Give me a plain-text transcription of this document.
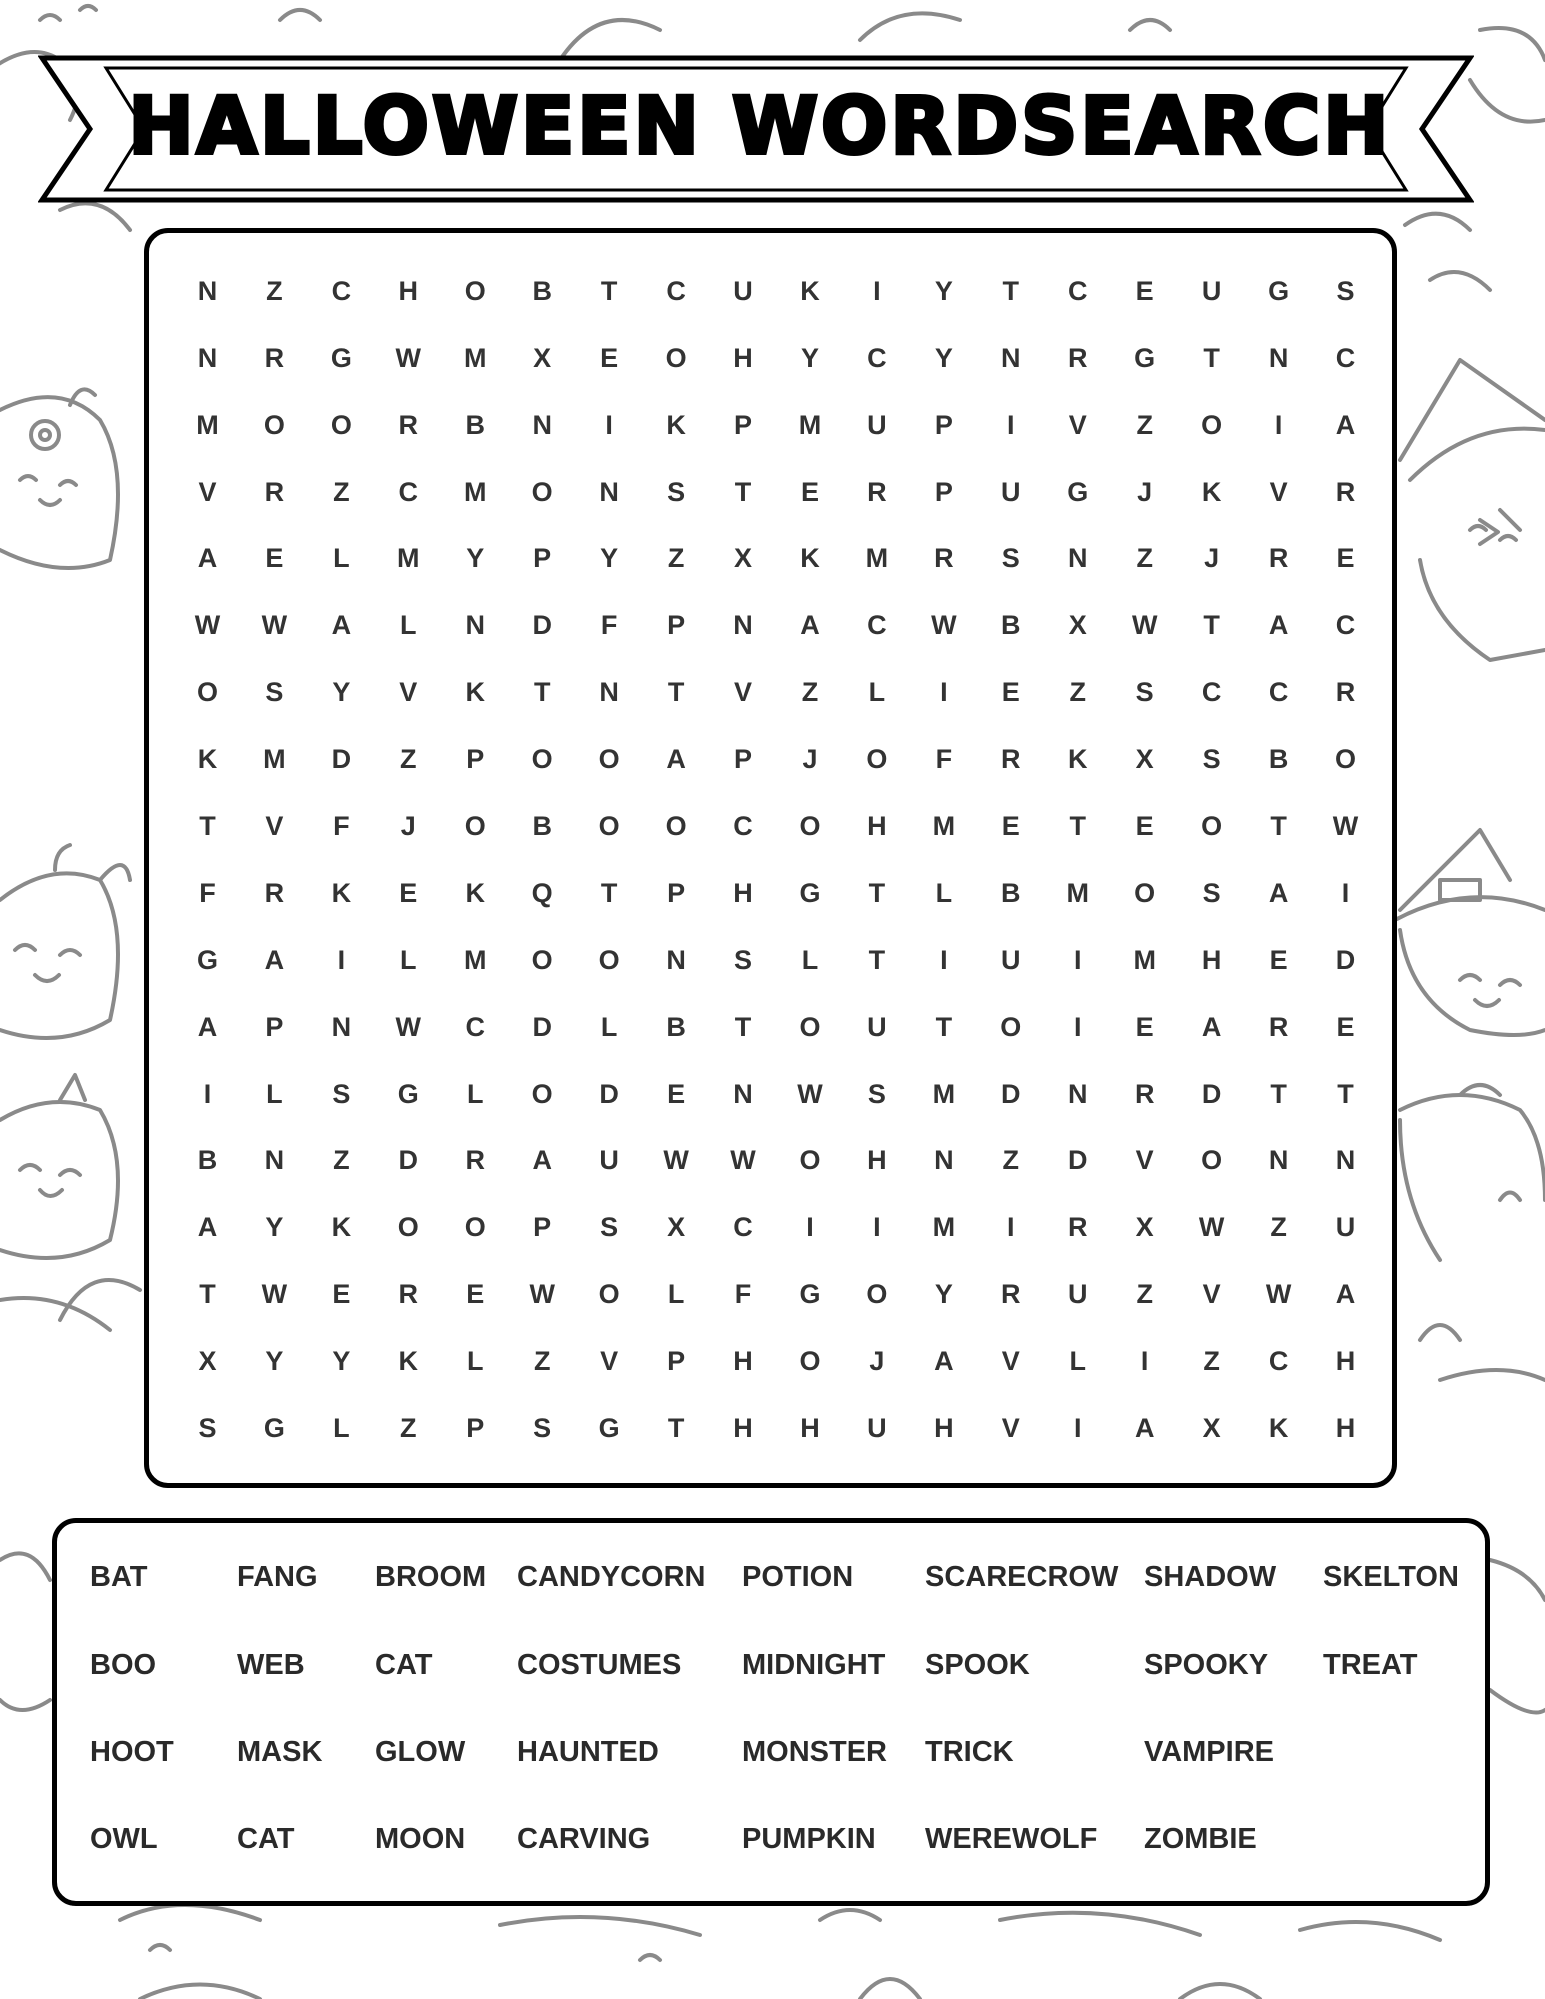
HALLOWEEN WORDSEARCH
N	Z	C	H	O	B	T	C	U	K	I	Y	T	C	E	U	G	S
N	R	G	W	M	X	E	O	H	Y	C	Y	N	R	G	T	N	C
M	O	O	R	B	N	I	K	P	M	U	P	I	V	Z	O	I	A
V	R	Z	C	M	O	N	S	T	E	R	P	U	G	J	K	V	R
A	E	L	M	Y	P	Y	Z	X	K	M	R	S	N	Z	J	R	E
W	W	A	L	N	D	F	P	N	A	C	W	B	X	W	T	A	C
O	S	Y	V	K	T	N	T	V	Z	L	I	E	Z	S	C	C	R
K	M	D	Z	P	O	O	A	P	J	O	F	R	K	X	S	B	O
T	V	F	J	O	B	O	O	C	O	H	M	E	T	E	O	T	W
F	R	K	E	K	Q	T	P	H	G	T	L	B	M	O	S	A	I
G	A	I	L	M	O	O	N	S	L	T	I	U	I	M	H	E	D
A	P	N	W	C	D	L	B	T	O	U	T	O	I	E	A	R	E
I	L	S	G	L	O	D	E	N	W	S	M	D	N	R	D	T	T
B	N	Z	D	R	A	U	W	W	O	H	N	Z	D	V	O	N	N
A	Y	K	O	O	P	S	X	C	I	I	M	I	R	X	W	Z	U
T	W	E	R	E	W	O	L	F	G	O	Y	R	U	Z	V	W	A
X	Y	Y	K	L	Z	V	P	H	O	J	A	V	L	I	Z	C	H
S	G	L	Z	P	S	G	T	H	H	U	H	V	I	A	X	K	H
BAT	FANG BROOM CANDYCORN POTION SCARECROW SHADOW SKELTON
BOO	WEB CAT	COSTUMES MIDNIGHT SPOOK	SPOOKY TREAT
HOOT MASK GLOW HAUNTED	MONSTER TRICK	VAMPIRE
OWL	CAT	MOON CARVING	PUMPKIN WEREWOLF ZOMBIE
